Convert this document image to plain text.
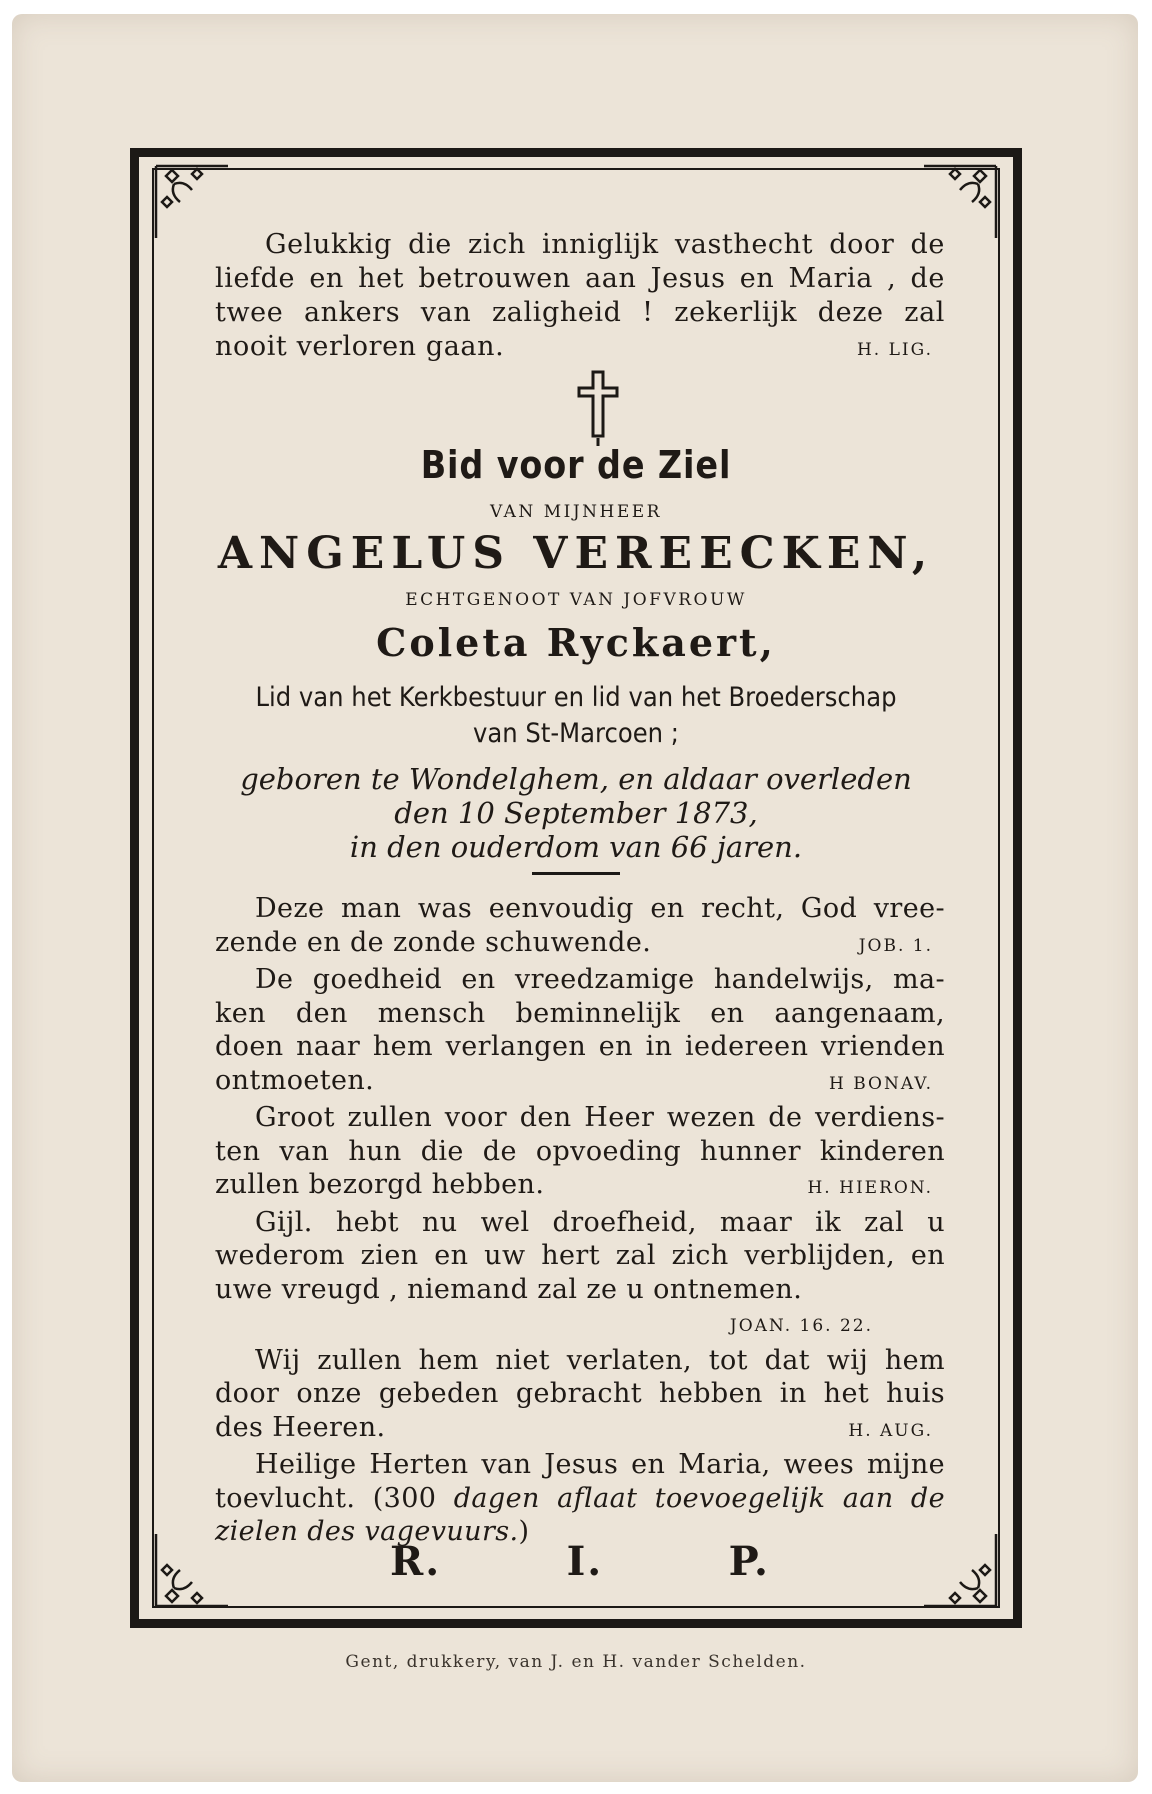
Gelukkig die zich inniglijk vasthecht door de
liefde en het betrouwen aan Jesus en Maria , de
twee ankers van zaligheid ! zekerlijk deze zal
nooit verloren gaan.	H. LIG.
Bid voor de Ziel
VAN MIJNHEER
ANGELUS VEREECKEN,
ECHTGENOOT VAN JOFVROUW
Coleta Ryckaert,
Lid van het Kerkbestuur en lid van het Broederschap
van St-Marcoen ;
geboren te Wondelghem, en aldaar overleden
den 10 September 1873,
in den ouderdom van 66 jaren.
Deze man was eenvoudig en recht, God vree-
zende en de zonde schuwende.	JOB. 1.
De goedheid en vreedzamige handelwijs, ma-
ken den mensch beminnelijk en aangenaam,
doen naar hem verlangen en in iedereen vrienden
ontmoeten.	H BONAV.
Groot zullen voor den Heer wezen de verdiens-
ten van hun die de opvoeding hunner kinderen
zullen bezorgd hebben.	H. HIERON.
Gijl. hebt nu wel droefheid, maar ik zal u
wederom zien en uw hert zal zich verblijden, en
uwe vreugd , niemand zal ze u ontnemen.
JOAN. 16. 22.
Wij zullen hem niet verlaten, tot dat wij hem
door onze gebeden gebracht hebben in het huis
des Heeren.	H. AUG.
Heilige Herten van Jesus en Maria, wees mijne
toevlucht. (300 dagen aflaat toevoegelijk aan de
zielen des vagevuurs.)
R.	I.	P.
Gent, drukkery, van J. en H. vander Schelden.
